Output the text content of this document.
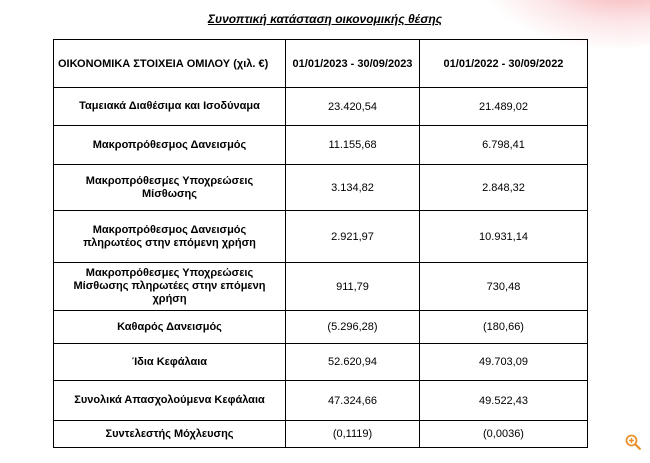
Συνοπτική κατάσταση οικονομικής θέσης

ΟΙΚΟΝΟΜΙΚΑ ΣΤΟΙΧΕΙΑ ΟΜΙΛΟΥ (χιλ. €)	01/01/2023 - 30/09/2023	01/01/2022 - 30/09/2022
Ταμειακά Διαθέσιμα και Ισοδύναμα	23.420,54	21.489,02
Μακροπρόθεσμος Δανεισμός	11.155,68	6.798,41
Μακροπρόθεσμες Υποχρεώσεις Μίσθωσης	3.134,82	2.848,32
Μακροπρόθεσμος Δανεισμός πληρωτέος στην επόμενη χρήση	2.921,97	10.931,14
Μακροπρόθεσμες Υποχρεώσεις Μίσθωσης πληρωτέες στην επόμενη χρήση	911,79	730,48
Καθαρός Δανεισμός	(5.296,28)	(180,66)
Ίδια Κεφάλαια	52.620,94	49.703,09
Συνολικά Απασχολούμενα Κεφάλαια	47.324,66	49.522,43
Συντελεστής Μόχλευσης	(0,1119)	(0,0036)
